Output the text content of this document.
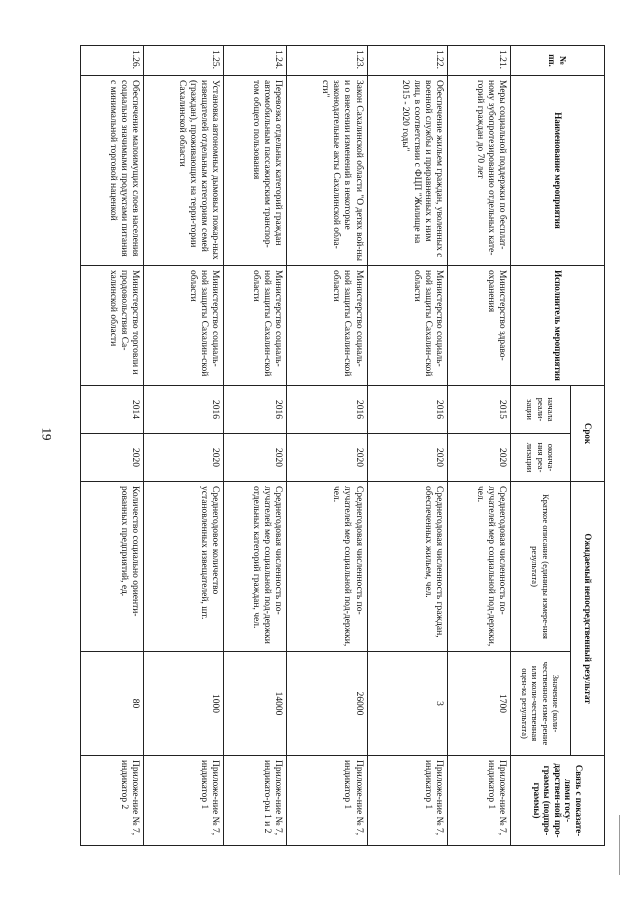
19
№ пп.	Наименование мероприятия	Исполнитель мероприятия	Срок		Ожидаемый непосредственный результат		Связь с показате-лями госу-дарствен-ной про-граммы (подпро-граммы)
			начала реали-зации	оконча-ния реа-лизации	Краткое описание (единицы измере-ния результата)	Значение (коли-чественное изме-рение или коли-чественная оцен-ка результата)	
1.21.	Меры социальной поддержки по бесплат-ному зубопротезированию отдельных кате-горий граждан до 70 лет	Министерство здраво-охранения	2015	2020	Среднегодовая численность по-лучателей мер социальной под-держки, чел.	1700	Приложе-ние № 7, индикатор 1
1.22.	Обеспечение жильем граждан, уволенных с военной службы и приравненных к ним лиц, в соответствии с ФЦП "Жилище на 2015 - 2020 годы"	Министерство социаль-ной защиты Сахалин-ской области	2016	2020	Среднегодовая численность граждан, обеспеченных жильем, чел.	3	Приложе-ние № 7, индикатор 1
1.23.	Закон Сахалинской области "О детях вой-ны и о внесении изменений в некоторые законодательные акты Сахалинской обла-сти"	Министерство социаль-ной защиты Сахалин-ской области	2016	2020	Среднегодовая численность по-лучателей мер социальной под-держки, чел.	26000	Приложе-ние № 7, индикатор 1
1.24.	Перевозка отдельных категорий граждан автомобильным пассажирским транспор-том общего пользования	Министерство социаль-ной защиты Сахалин-ской области	2016	2020	Среднегодовая численность по-лучателей мер социальной под-держки отдельных категорий граждан, чел.	14000	Приложе-ние № 7, индикато-ры 1 и 2
1.25.	Установка автономных дымовых пожар-ных извещателей отдельным категориям семей (граждан), проживающих на терри-тории Сахалинской области	Министерство социаль-ной защиты Сахалин-ской области	2016	2020	Среднегодовое количество установленных извещателей, шт.	1000	Приложе-ние № 7, индикатор 1
1.26.	Обеспечение малоимущих слоев населения социально значимыми продуктами питания с минимальной торговой наценкой	Министерство торговли и продовольствия Са-халинской области	2014	2020	Количество социально ориенти-рованных предприятий, ед.	80	Приложе-ние № 7, индикатор 2
